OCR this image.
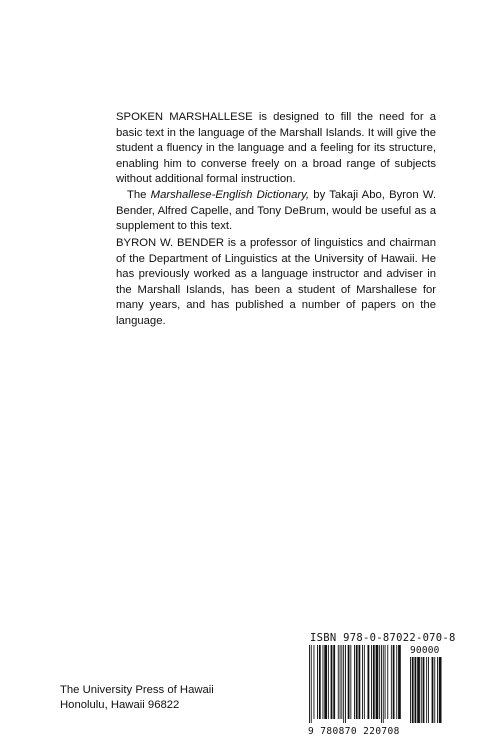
SPOKEN MARSHALLESE is designed to fill the need for a basic text in the language of the Marshall Islands. It will give the student a fluency in the language and a feeling for its structure, enabling him to converse freely on a broad range of subjects without additional formal instruction.

The Marshallese-English Dictionary, by Takaji Abo, Byron W. Bender, Alfred Capelle, and Tony DeBrum, would be useful as a supplement to this text.

BYRON W. BENDER is a professor of linguistics and chairman of the Department of Linguistics at the University of Hawaii. He has previously worked as a language instructor and adviser in the Marshall Islands, has been a student of Marshallese for many years, and has published a number of papers on the language.

The University Press of Hawaii
Honolulu, Hawaii 96822
ISBN 978-0-87022-070-8
90000
9 780870 220708
